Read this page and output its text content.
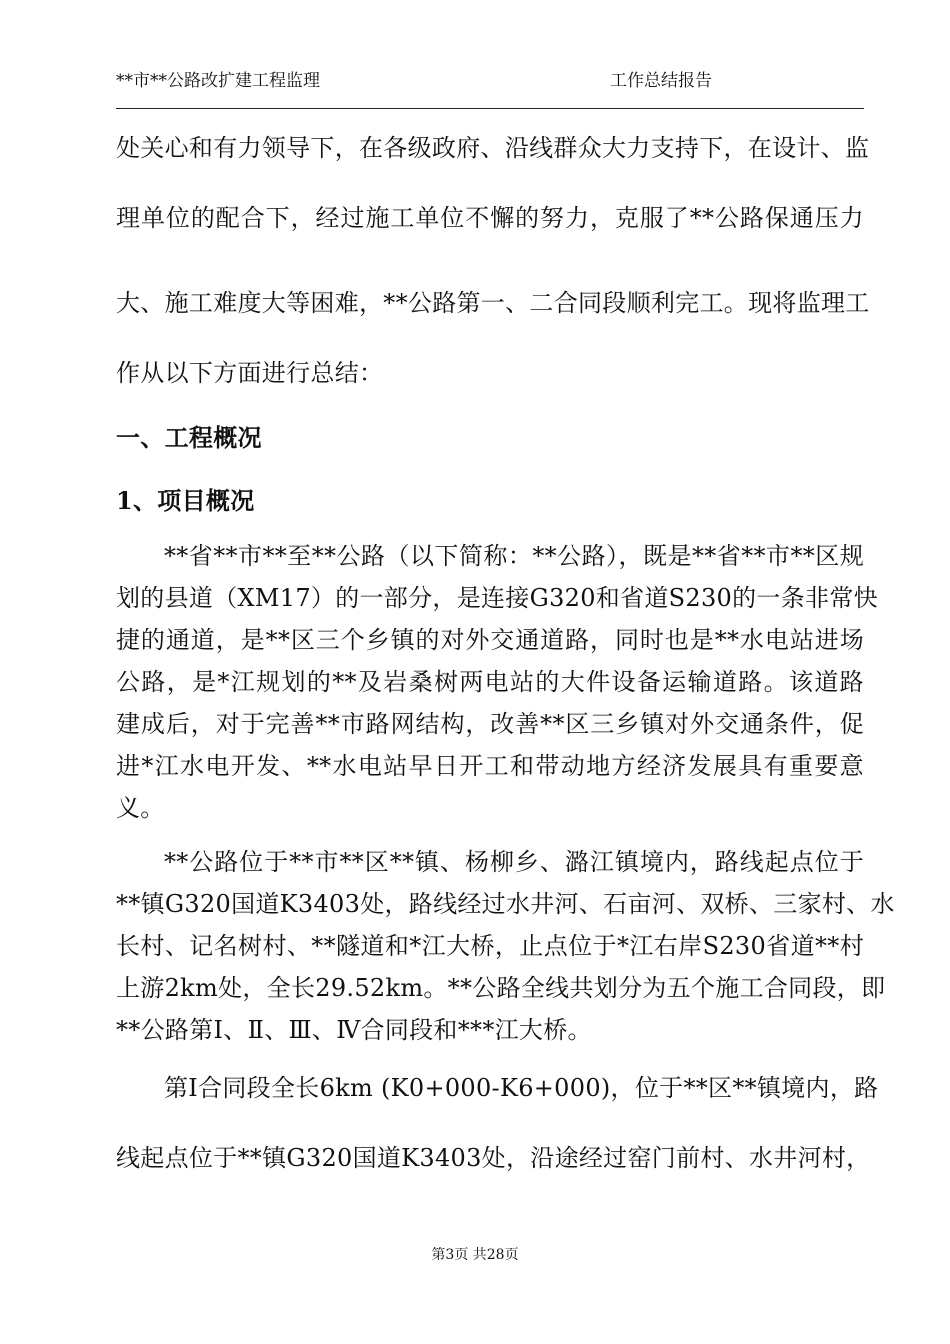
**市**公路改扩建工程监理	工作总结报告
处关心和有力领导下，在各级政府、沿线群众大力支持下，在设计、监
理单位的配合下，经过施工单位不懈的努力，克服了**公路保通压力
大、施工难度大等困难，**公路第一、二合同段顺利完工。现将监理工
作从以下方面进行总结：
一、工程概况
1、项目概况
**省**市**至**公路（以下简称：**公路），既是**省**市**区规
划的县道（XM17）的一部分，是连接G320和省道S230的一条非常快
捷的通道，是**区三个乡镇的对外交通道路，同时也是**水电站进场
公路，是*江规划的**及岩桑树两电站的大件设备运输道路。该道路
建成后，对于完善**市路网结构，改善**区三乡镇对外交通条件，促
进*江水电开发、**水电站早日开工和带动地方经济发展具有重要意
义。
**公路位于**市**区**镇、杨柳乡、潞江镇境内，路线起点位于
**镇G320国道K3403处，路线经过水井河、石亩河、双桥、三家村、水
长村、记名树村、**隧道和*江大桥，止点位于*江右岸S230省道**村
上游2km处，全长29.52km。**公路全线共划分为五个施工合同段，即
**公路第Ⅰ、Ⅱ、Ⅲ、Ⅳ合同段和***江大桥。
第Ⅰ合同段全长6km (K0+000-K6+000)，位于**区**镇境内，路
线起点位于**镇G320国道K3403处，沿途经过窑门前村、水井河村，
第3页 共28页
